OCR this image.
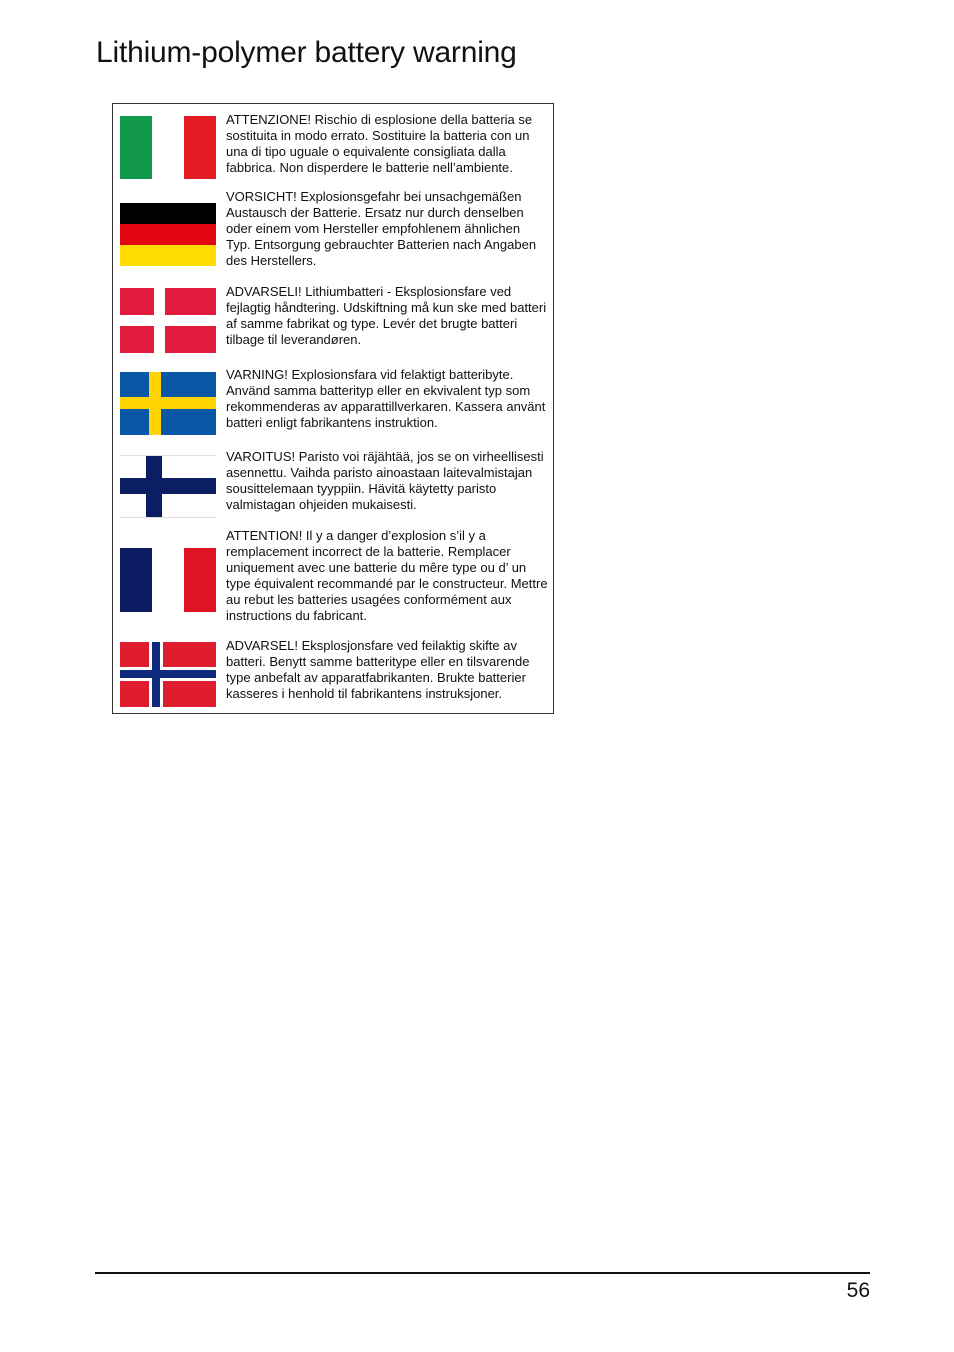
Lithium-polymer battery warning

ATTENZIONE! Rischio di esplosione della batteria se sostituita in modo errato. Sostituire la batteria con un una di tipo uguale o equivalente consigliata dalla fabbrica. Non disperdere le batterie nell’ambiente.

VORSICHT! Explosionsgefahr bei unsachgemäßen Austausch der Batterie. Ersatz nur durch denselben oder einem vom Hersteller empfohlenem ähnlichen Typ. Entsorgung gebrauchter Batterien nach Angaben des Herstellers.

ADVARSELI! Lithiumbatteri - Eksplosionsfare ved fejlagtig håndtering. Udskiftning må kun ske med batteri af samme fabrikat og type. Levér det brugte batteri tilbage til leverandøren.

VARNING! Explosionsfara vid felaktigt batteribyte. Använd samma batterityp eller en ekvivalent typ som rekommenderas av apparattillverkaren. Kassera använt batteri enligt fabrikantens instruktion.

VAROITUS! Paristo voi räjähtää, jos se on virheellisesti asennettu. Vaihda paristo ainoastaan laitevalmistajan sousittelemaan tyyppiin. Hävitä käytetty paristo valmistagan ohjeiden mukaisesti.

ATTENTION! Il y a danger d’explosion s’il y a remplacement incorrect de la batterie. Remplacer uniquement avec une batterie du mêre type ou d’ un type équivalent recommandé par le constructeur. Mettre au rebut les batteries usagées conformément aux instructions du fabricant.

ADVARSEL! Eksplosjonsfare ved feilaktig skifte av batteri. Benytt samme batteritype eller en tilsvarende type anbefalt av apparatfabrikanten. Brukte batterier kasseres i henhold til fabrikantens instruksjoner.

56
